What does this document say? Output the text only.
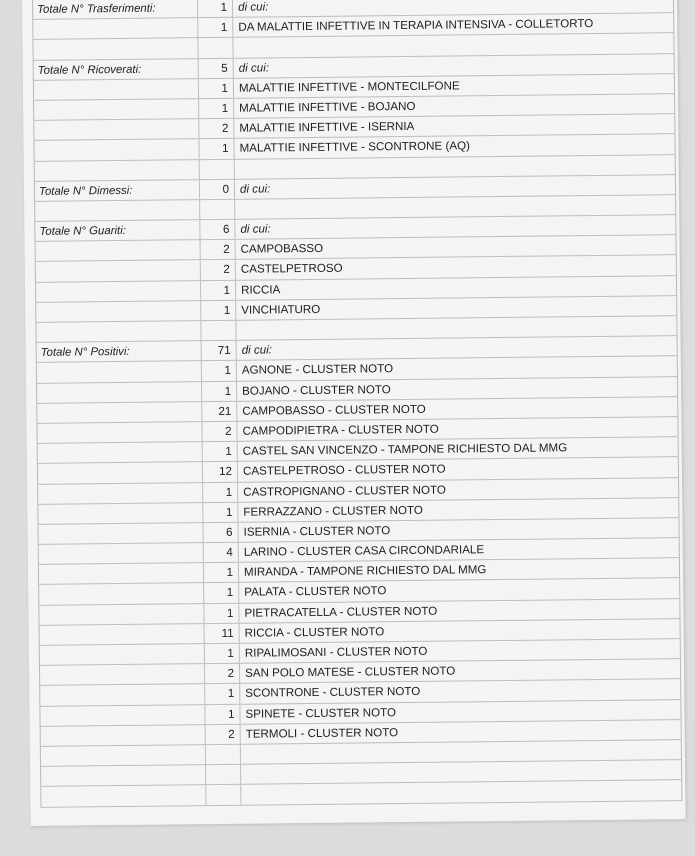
Totale N° Trasferimenti:	1 di cui:
1 DA MALATTIE INFETTIVE IN TERAPIA INTENSIVA - COLLETORTO
Totale N° Ricoverati:	5 di cui:
1 MALATTIE INFETTIVE - MONTECILFONE
1 MALATTIE INFETTIVE - BOJANO
2 MALATTIE INFETTIVE - ISERNIA
1 MALATTIE INFETTIVE - SCONTRONE (AQ)
Totale N° Dimessi:	0 di cui:
Totale N° Guariti:	6 di cui:
2 CAMPOBASSO
2 CASTELPETROSO
1 RICCIA
1 VINCHIATURO
Totale N° Positivi:	71 di cui:
1 AGNONE - CLUSTER NOTO
1 BOJANO - CLUSTER NOTO
21 CAMPOBASSO - CLUSTER NOTO
2 CAMPODIPIETRA - CLUSTER NOTO
1 CASTEL SAN VINCENZO - TAMPONE RICHIESTO DAL MMG
12 CASTELPETROSO - CLUSTER NOTO
1 CASTROPIGNANO - CLUSTER NOTO
1 FERRAZZANO - CLUSTER NOTO
6 ISERNIA - CLUSTER NOTO
4 LARINO - CLUSTER CASA CIRCONDARIALE
1 MIRANDA - TAMPONE RICHIESTO DAL MMG
1 PALATA - CLUSTER NOTO
1 PIETRACATELLA - CLUSTER NOTO
11 RICCIA - CLUSTER NOTO
1 RIPALIMOSANI - CLUSTER NOTO
2 SAN POLO MATESE - CLUSTER NOTO
1 SCONTRONE - CLUSTER NOTO
1 SPINETE - CLUSTER NOTO
2 TERMOLI - CLUSTER NOTO
